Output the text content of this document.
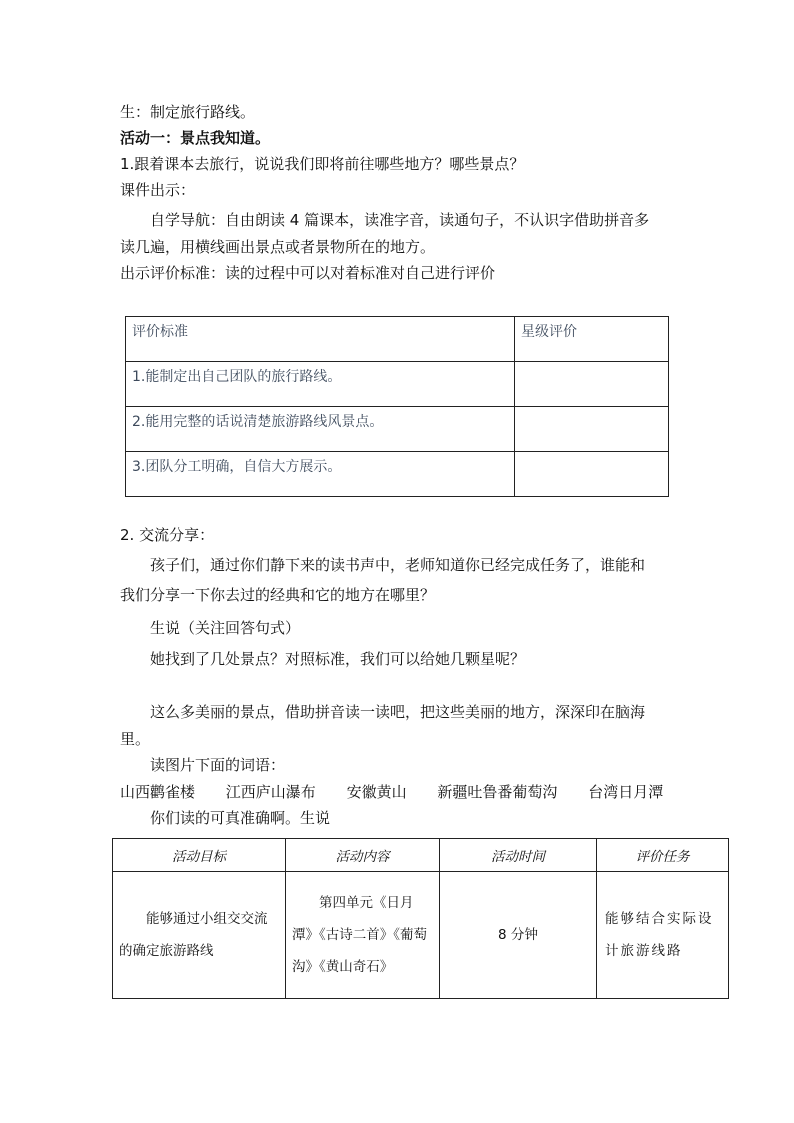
生：制定旅行路线。
活动一：景点我知道。
1.跟着课本去旅行，说说我们即将前往哪些地方？哪些景点？
课件出示：
自学导航：自由朗读 4 篇课本，读准字音，读通句子，不认识字借助拼音多
读几遍，用横线画出景点或者景物所在的地方。
出示评价标准：读的过程中可以对着标准对自己进行评价
评价标准	星级评价
1.能制定出自己团队的旅行路线。	
2.能用完整的话说清楚旅游路线风景点。	
3.团队分工明确，自信大方展示。	
2. 交流分享：
孩子们，通过你们静下来的读书声中，老师知道你已经完成任务了，谁能和
我们分享一下你去过的经典和它的地方在哪里？
生说（关注回答句式）
她找到了几处景点？对照标准，我们可以给她几颗星呢？
这么多美丽的景点，借助拼音读一读吧，把这些美丽的地方，深深印在脑海
里。
读图片下面的词语：
山西鹳雀楼 江西庐山瀑布 安徽黄山 新疆吐鲁番葡萄沟 台湾日月潭
你们读的可真准确啊。生说
活动目标	活动内容	活动时间	评价任务
能够通过小组交交流的确定旅游路线	第四单元《日月潭》《古诗二首》《葡萄沟》《黄山奇石》	8 分钟	能够结合实际设计旅游线路
